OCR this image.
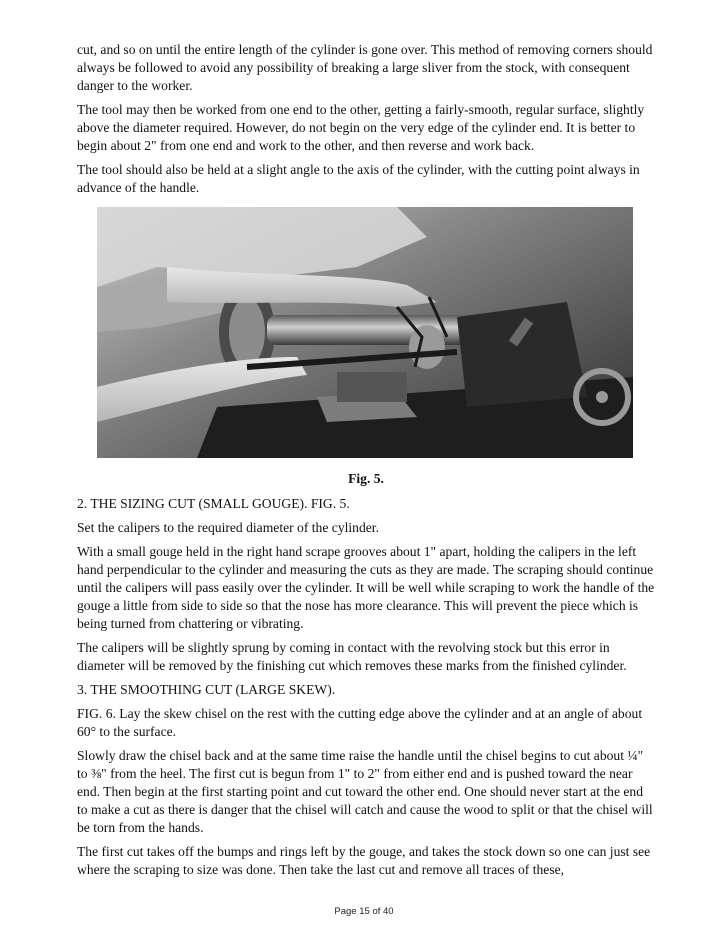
cut, and so on until the entire length of the cylinder is gone over. This method of removing corners should always be followed to avoid any possibility of breaking a large sliver from the stock, with consequent danger to the worker.

The tool may then be worked from one end to the other, getting a fairly-smooth, regular surface, slightly above the diameter required. However, do not begin on the very edge of the cylinder end. It is better to begin about 2" from one end and work to the other, and then reverse and work back.

The tool should also be held at a slight angle to the axis of the cylinder, with the cutting point always in advance of the handle.

Fig. 5.

2. THE SIZING CUT (SMALL GOUGE). FIG. 5.

Set the calipers to the required diameter of the cylinder.

With a small gouge held in the right hand scrape grooves about 1" apart, holding the calipers in the left hand perpendicular to the cylinder and measuring the cuts as they are made. The scraping should continue until the calipers will pass easily over the cylinder. It will be well while scraping to work the handle of the gouge a little from side to side so that the nose has more clearance. This will prevent the piece which is being turned from chattering or vibrating.

The calipers will be slightly sprung by coming in contact with the revolving stock but this error in diameter will be removed by the finishing cut which removes these marks from the finished cylinder.

3. THE SMOOTHING CUT (LARGE SKEW).

FIG. 6. Lay the skew chisel on the rest with the cutting edge above the cylinder and at an angle of about 60° to the surface.

Slowly draw the chisel back and at the same time raise the handle until the chisel begins to cut about ¼" to ⅜" from the heel. The first cut is begun from 1" to 2" from either end and is pushed toward the near end. Then begin at the first starting point and cut toward the other end. One should never start at the end to make a cut as there is danger that the chisel will catch and cause the wood to split or that the chisel will be torn from the hands.

The first cut takes off the bumps and rings left by the gouge, and takes the stock down so one can just see where the scraping to size was done. Then take the last cut and remove all traces of these,

Page 15 of 40
